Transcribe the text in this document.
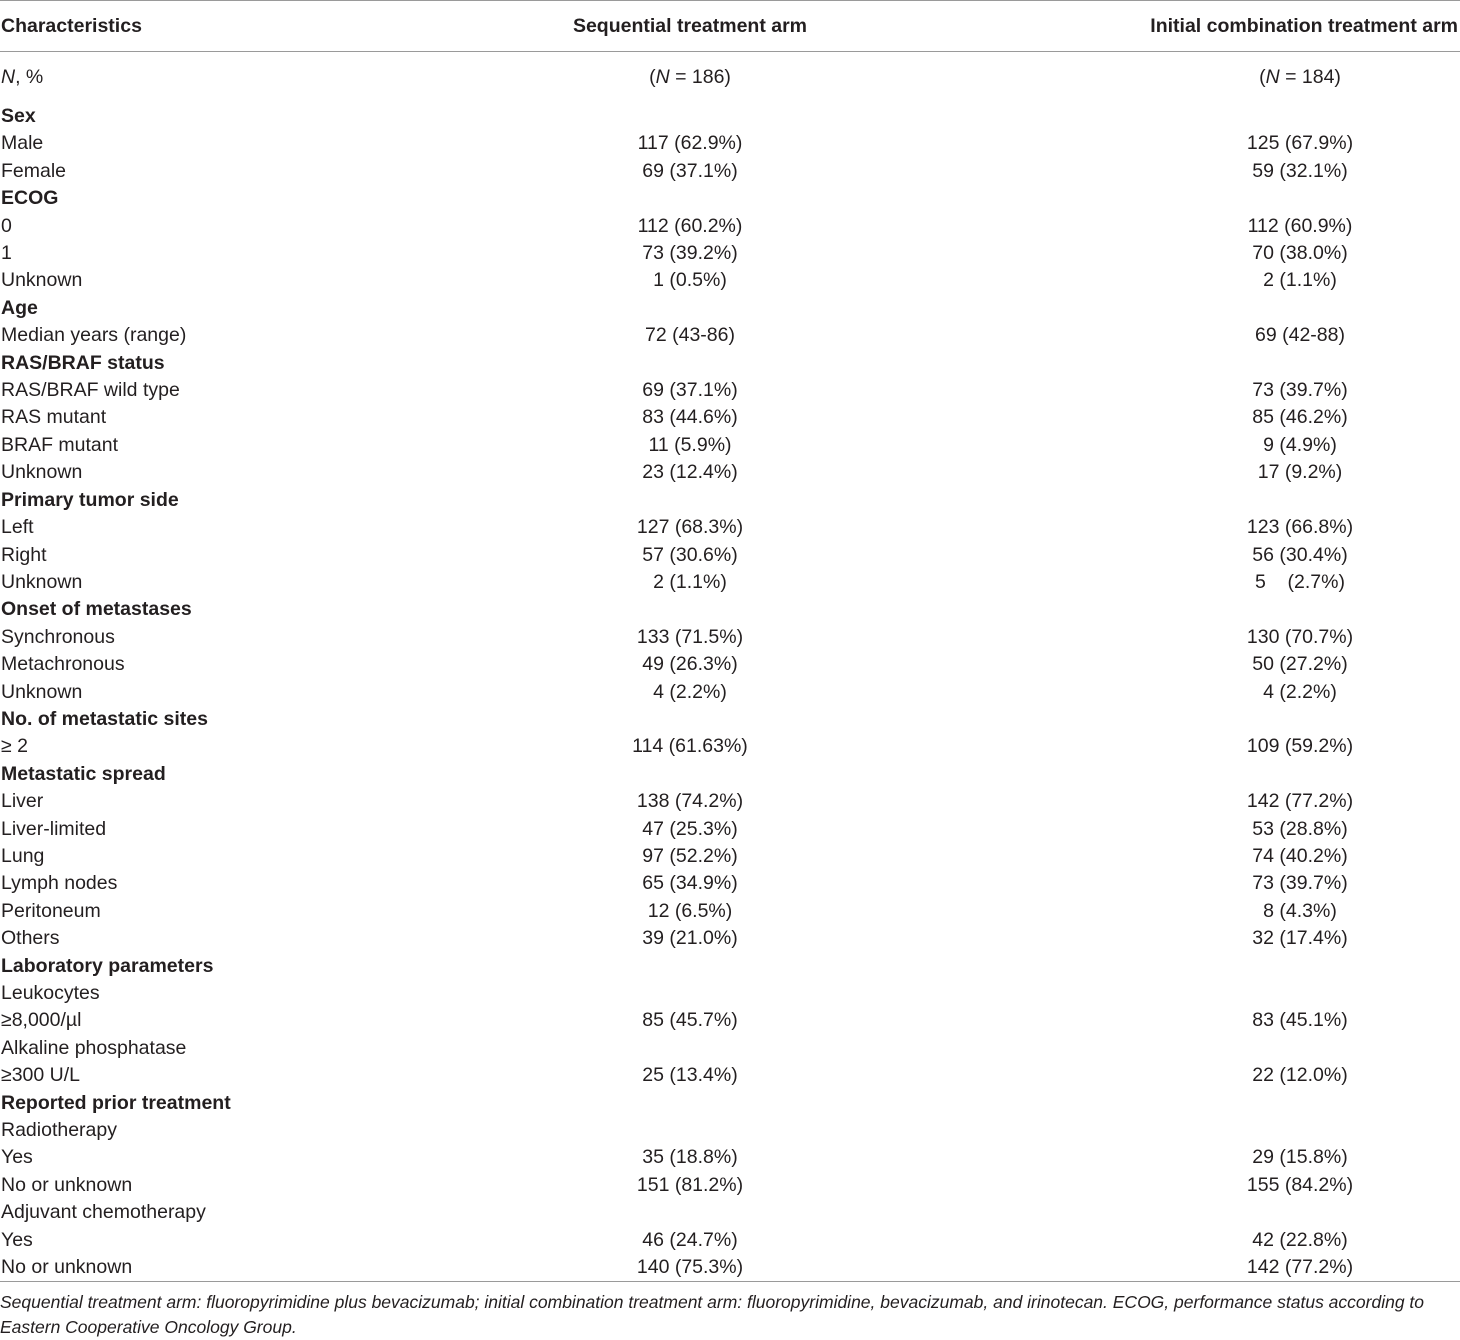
Characteristics	Sequential treatment arm	Initial combination treatment arm
N, %	(N = 186)	(N = 184)
Sex		
Male	117 (62.9%)	125 (67.9%)
Female	69 (37.1%)	59 (32.1%)
ECOG		
0	112 (60.2%)	112 (60.9%)
1	73 (39.2%)	70 (38.0%)
Unknown	1 (0.5%)	2 (1.1%)
Age		
Median years (range)	72 (43-86)	69 (42-88)
RAS/BRAF status		
RAS/BRAF wild type	69 (37.1%)	73 (39.7%)
RAS mutant	83 (44.6%)	85 (46.2%)
BRAF mutant	11 (5.9%)	9 (4.9%)
Unknown	23 (12.4%)	17 (9.2%)
Primary tumor side		
Left	127 (68.3%)	123 (66.8%)
Right	57 (30.6%)	56 (30.4%)
Unknown	2 (1.1%)	5    (2.7%)
Onset of metastases		
Synchronous	133 (71.5%)	130 (70.7%)
Metachronous	49 (26.3%)	50 (27.2%)
Unknown	4 (2.2%)	4 (2.2%)
No. of metastatic sites		
≥ 2	114 (61.63%)	109 (59.2%)
Metastatic spread		
Liver	138 (74.2%)	142 (77.2%)
Liver-limited	47 (25.3%)	53 (28.8%)
Lung	97 (52.2%)	74 (40.2%)
Lymph nodes	65 (34.9%)	73 (39.7%)
Peritoneum	12 (6.5%)	8 (4.3%)
Others	39 (21.0%)	32 (17.4%)
Laboratory parameters		
Leukocytes		
≥8,000/µl	85 (45.7%)	83 (45.1%)
Alkaline phosphatase		
≥300 U/L	25 (13.4%)	22 (12.0%)
Reported prior treatment		
Radiotherapy		
Yes	35 (18.8%)	29 (15.8%)
No or unknown	151 (81.2%)	155 (84.2%)
Adjuvant chemotherapy		
Yes	46 (24.7%)	42 (22.8%)
No or unknown	140 (75.3%)	142 (77.2%)
Sequential treatment arm: fluoropyrimidine plus bevacizumab; initial combination treatment arm: fluoropyrimidine, bevacizumab, and irinotecan. ECOG, performance status according to Eastern Cooperative Oncology Group.
